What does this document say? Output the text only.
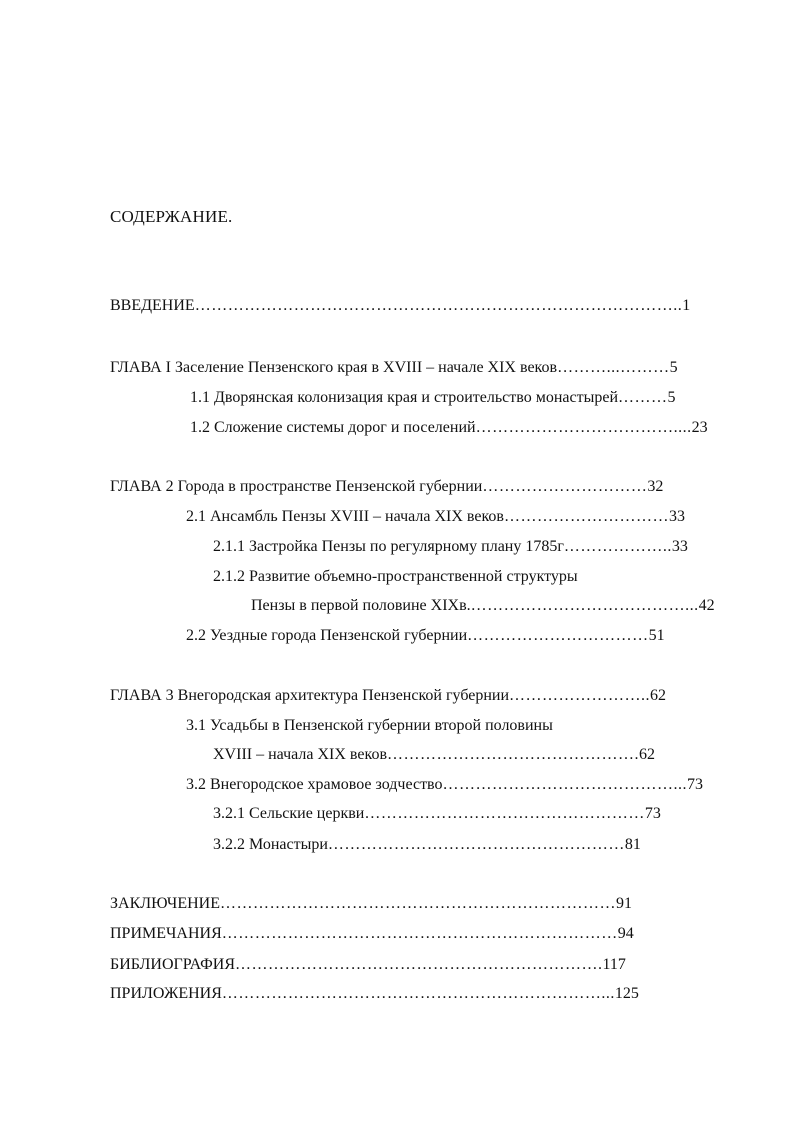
СОДЕРЖАНИЕ.
ВВЕДЕНИЕ……………………………………………………………………………..1
ГЛАВА I Заселение Пензенского края в XVIII – начале XIX веков………...………5
1.1 Дворянская колонизация края и строительство монастырей………5
1.2 Сложение системы дорог и поселений………………………………....23
ГЛАВА 2 Города в пространстве Пензенской губернии…………………………32
2.1 Ансамбль Пензы XVIII – начала XIX веков…………………………33
2.1.1 Застройка Пензы по регулярному плану 1785г………………..33
2.1.2 Развитие объемно-пространственной структуры
Пензы в первой половине XIXв.…………………………………...42
2.2 Уездные города Пензенской губернии……………………………51
ГЛАВА 3 Внегородская архитектура Пензенской губернии……………………..62
3.1 Усадьбы в Пензенской губернии второй половины
XVIII – начала XIX веков……………………………………….62
3.2 Внегородское храмовое зодчество……………………………………...73
3.2.1 Сельские церкви……………………………………………73
3.2.2 Монастыри………………………………………………81
ЗАКЛЮЧЕНИЕ………………………………………………………………91
ПРИМЕЧАНИЯ………………………………………………………………94
БИБЛИОГРАФИЯ………………………………………………………….117
ПРИЛОЖЕНИЯ……………………………………………………………...125
